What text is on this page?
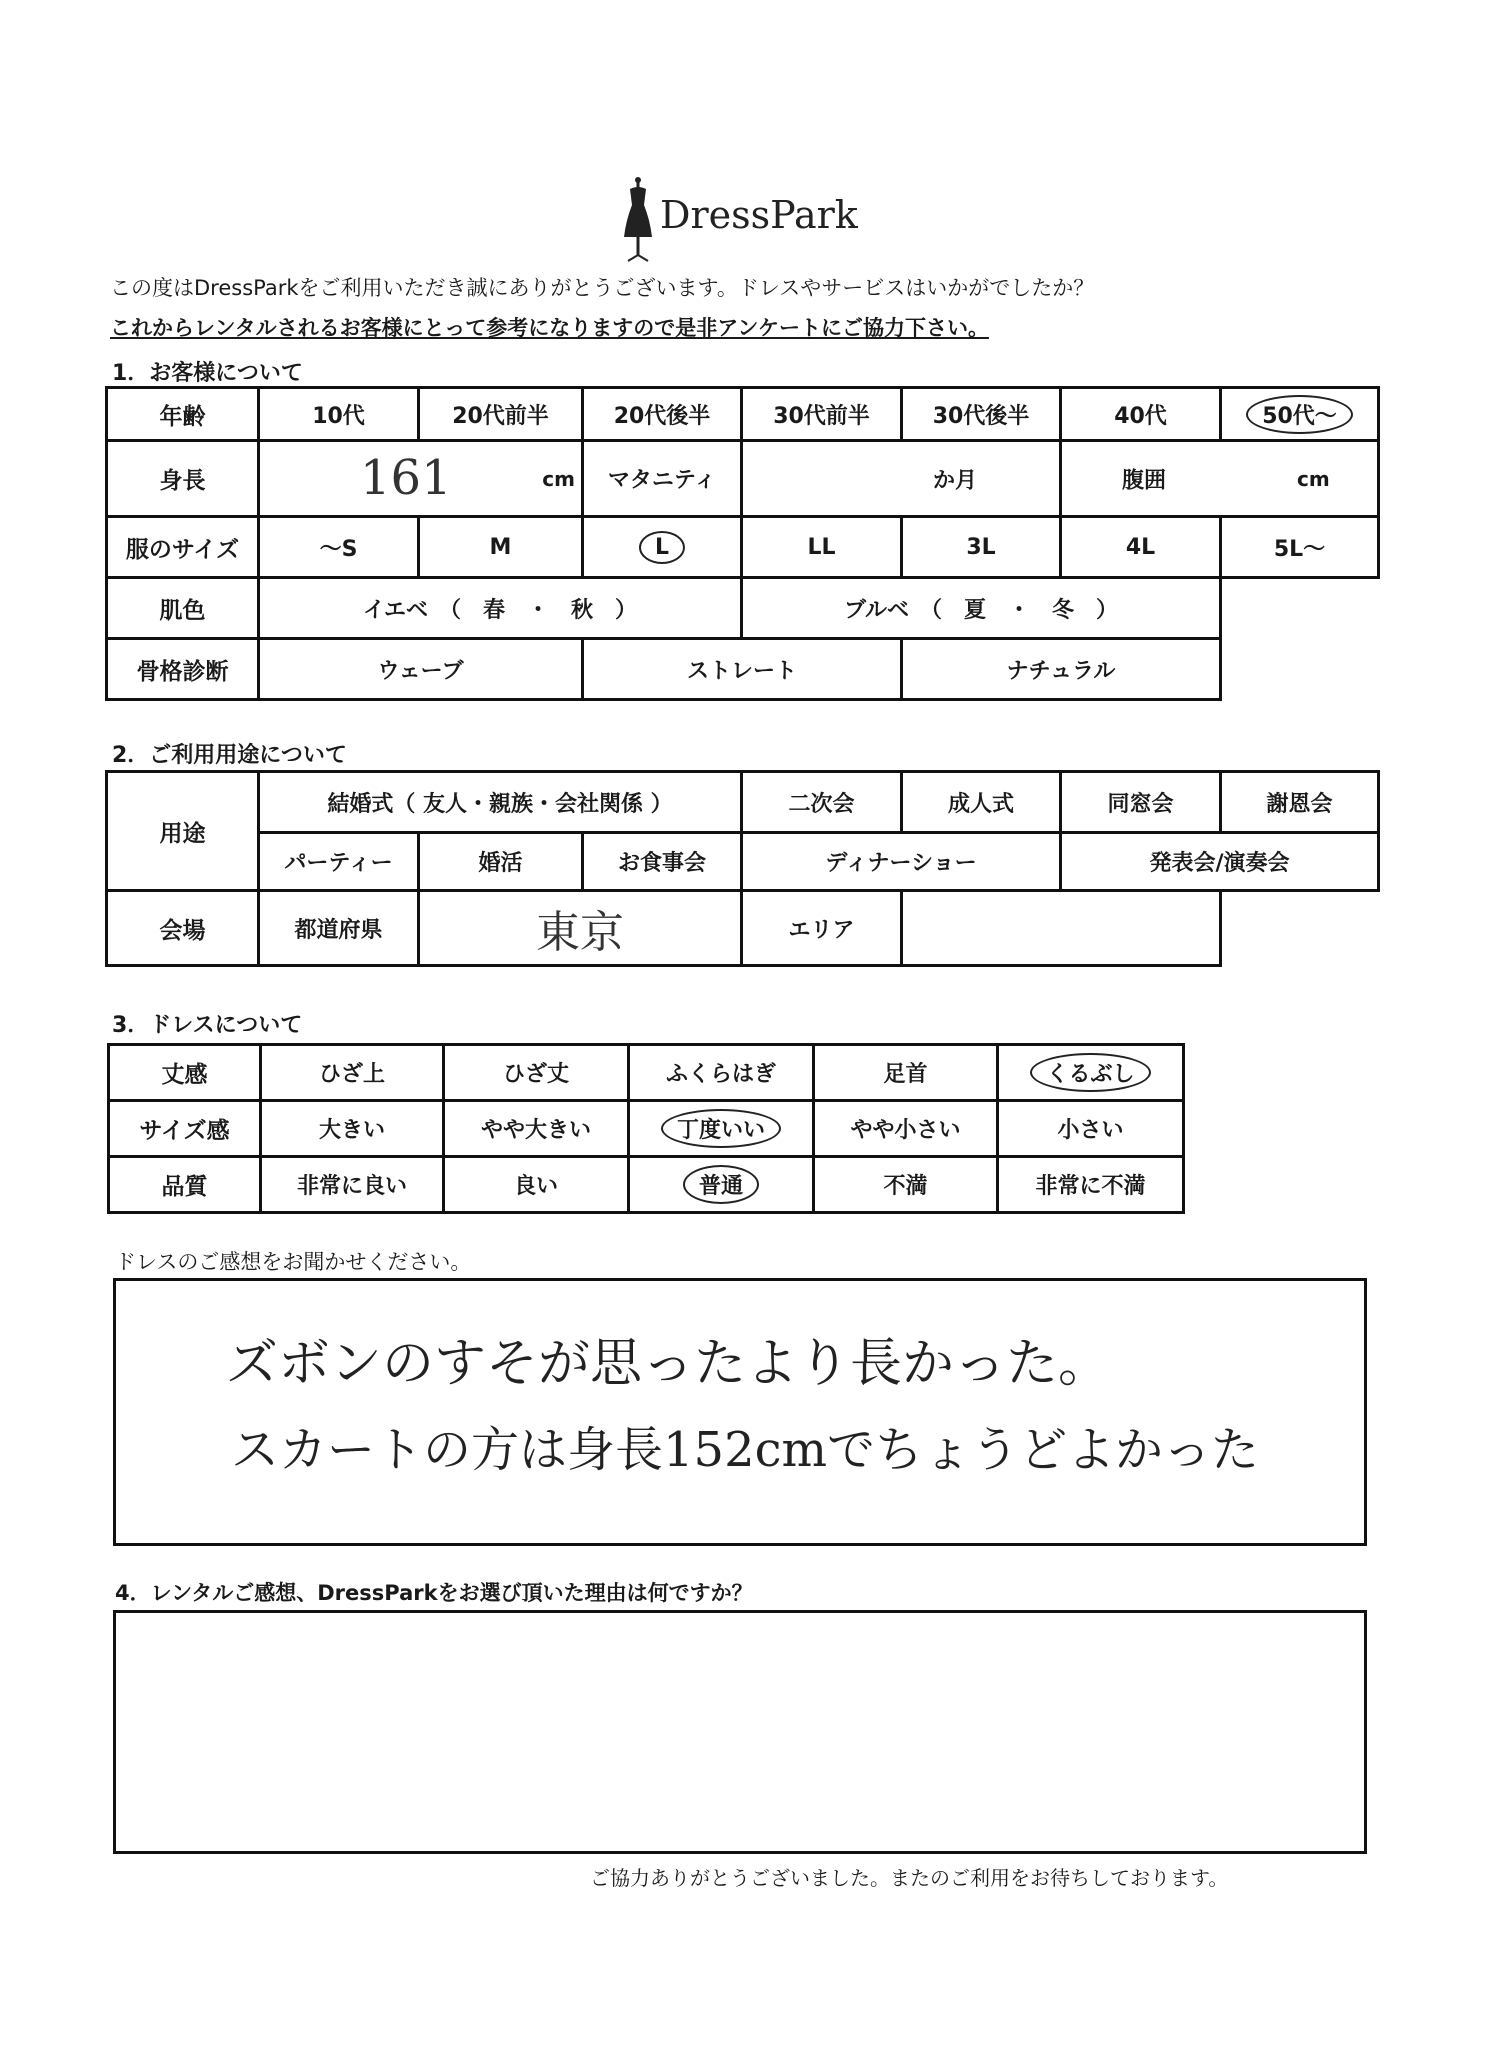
DressPark
この度はDressParkをご利用いただき誠にありがとうございます。ドレスやサービスはいかがでしたか？
これからレンタルされるお客様にとって参考になりますので是非アンケートにご協力下さい。
1．お客様について
年齢	10代	20代前半	20代後半	30代前半	30代後半	40代	50代～
身長	161 cm		マタニティ	か月		腹囲 cm	

服のサイズ	～S	M	L	LL	3L	4L	5L～
肌色	イエベ　（　春　・　秋　）			ブルベ　（　夏　・　冬　）			
骨格診断	ウェーブ		ストレート		ナチュラル		
2．ご利用用途について
用途	結婚式（ 友人・親族・会社関係 ）			二次会	成人式	同窓会	謝恩会
	パーティー	婚活	お食事会	ディナーショー		発表会/演奏会	
会場	都道府県	東京		エリア			
3．ドレスについて
丈感	ひざ上	ひざ丈	ふくらはぎ	足首	くるぶし
サイズ感	大きい	やや大きい	丁度いい	やや小さい	小さい
品質	非常に良い	良い	普通	不満	非常に不満
ドレスのご感想をお聞かせください。
ズボンのすそが思ったより長かった。
スカートの方は身長152cmでちょうどよかった
4．レンタルご感想、DressParkをお選び頂いた理由は何ですか？
ご協力ありがとうございました。またのご利用をお待ちしております。
